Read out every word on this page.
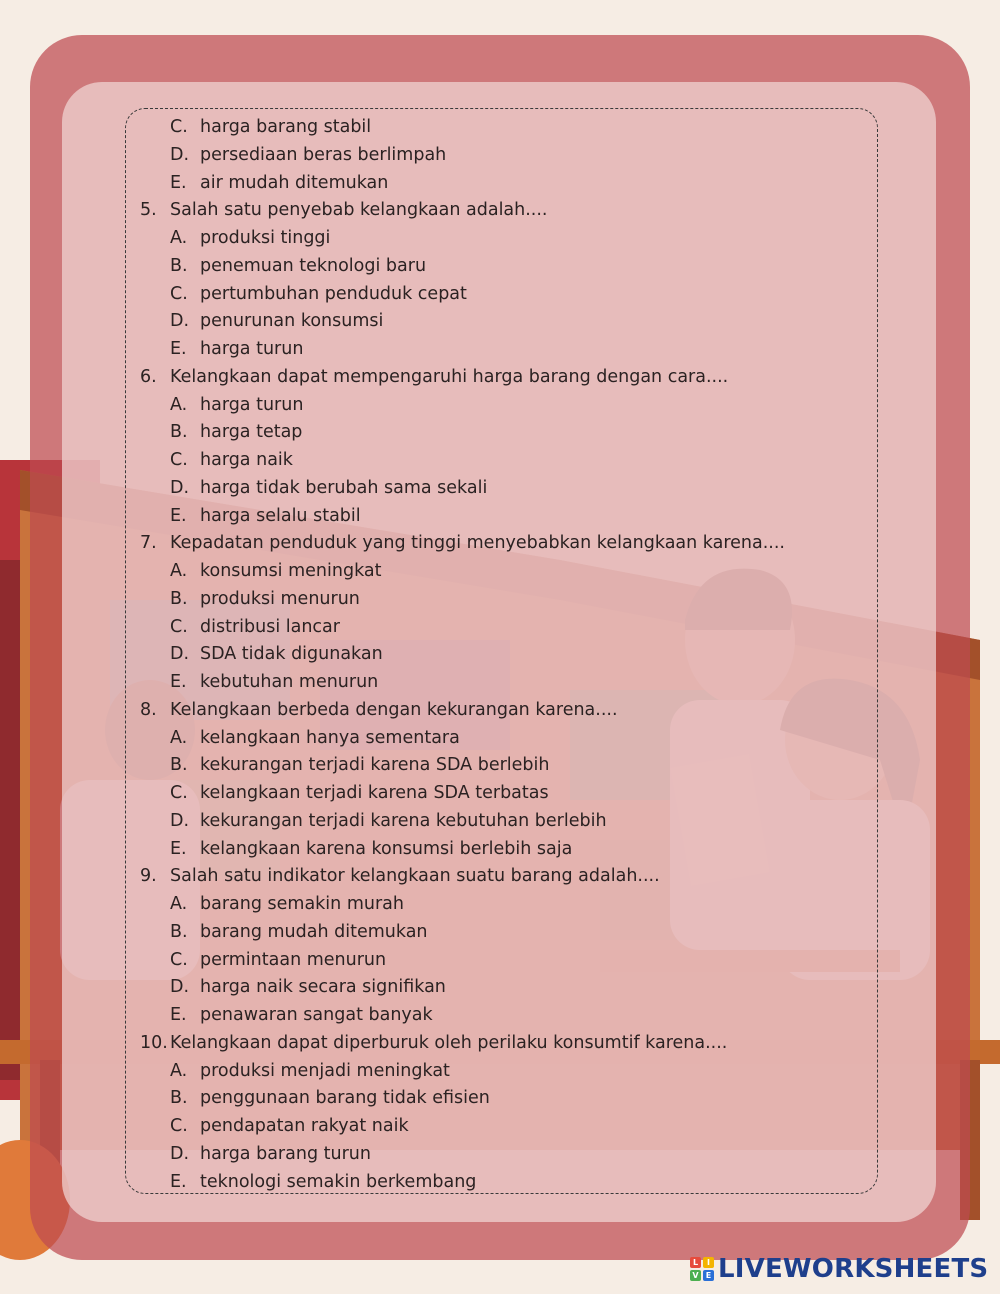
C. harga barang stabil
D. persediaan beras berlimpah
E. air mudah ditemukan
5. Salah satu penyebab kelangkaan adalah....
A. produksi tinggi
B. penemuan teknologi baru
C. pertumbuhan penduduk cepat
D. penurunan konsumsi
E. harga turun
6. Kelangkaan dapat mempengaruhi harga barang dengan cara....
A. harga turun
B. harga tetap
C. harga naik
D. harga tidak berubah sama sekali
E. harga selalu stabil
7. Kepadatan penduduk yang tinggi menyebabkan kelangkaan karena....
A. konsumsi meningkat
B. produksi menurun
C. distribusi lancar
D. SDA tidak digunakan
E. kebutuhan menurun
8. Kelangkaan berbeda dengan kekurangan karena....
A. kelangkaan hanya sementara
B. kekurangan terjadi karena SDA berlebih
C. kelangkaan terjadi karena SDA terbatas
D. kekurangan terjadi karena kebutuhan berlebih
E. kelangkaan karena konsumsi berlebih saja
9. Salah satu indikator kelangkaan suatu barang adalah....
A. barang semakin murah
B. barang mudah ditemukan
C. permintaan menurun
D. harga naik secara signifikan
E. penawaran sangat banyak
10. Kelangkaan dapat diperburuk oleh perilaku konsumtif karena....
A. produksi menjadi meningkat
B. penggunaan barang tidak efisien
C. pendapatan rakyat naik
D. harga barang turun
E. teknologi semakin berkembang
L	I
V E LIVEWORKSHEETS
